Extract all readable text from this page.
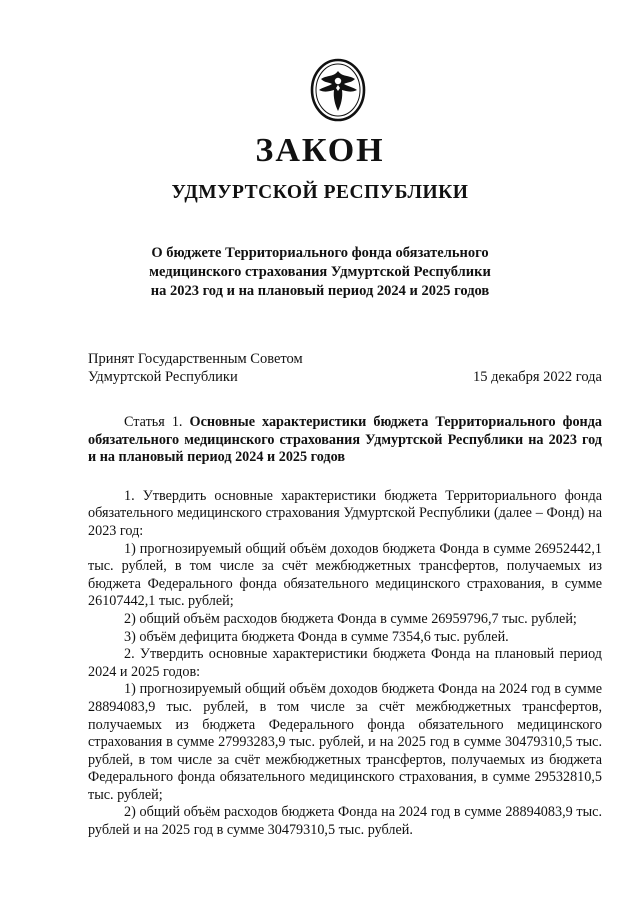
ЗАКОН
УДМУРТСКОЙ РЕСПУБЛИКИ
О бюджете Территориального фонда обязательного
медицинского страхования Удмуртской Республики
на 2023 год и на плановый период 2024 и 2025 годов
Принят Государственным Советом
Удмуртской Республики	15 декабря 2022 года

Статья 1. Основные характеристики бюджета Территориального фонда обязательного медицинского страхования Удмуртской Республики на 2023 год и на плановый период 2024 и 2025 годов

1. Утвердить основные характеристики бюджета Территориального фонда обязательного медицинского страхования Удмуртской Республики (далее – Фонд) на 2023 год:

1) прогнозируемый общий объём доходов бюджета Фонда в сумме 26952442,1 тыс. рублей, в том числе за счёт межбюджетных трансфертов, получаемых из бюджета Федерального фонда обязательного медицинского страхования, в сумме 26107442,1 тыс. рублей;

2) общий объём расходов бюджета Фонда в сумме 26959796,7 тыс. рублей;

3) объём дефицита бюджета Фонда в сумме 7354,6 тыс. рублей.

2. Утвердить основные характеристики бюджета Фонда на плановый период 2024 и 2025 годов:

1) прогнозируемый общий объём доходов бюджета Фонда на 2024 год в сумме 28894083,9 тыс. рублей, в том числе за счёт межбюджетных трансфертов, получаемых из бюджета Федерального фонда обязательного медицинского страхования в сумме 27993283,9 тыс. рублей, и на 2025 год в сумме 30479310,5 тыс. рублей, в том числе за счёт межбюджетных трансфертов, получаемых из бюджета Федерального фонда обязательного медицинского страхования, в сумме 29532810,5 тыс. рублей;

2) общий объём расходов бюджета Фонда на 2024 год в сумме 28894083,9 тыс. рублей и на 2025 год в сумме 30479310,5 тыс. рублей.
